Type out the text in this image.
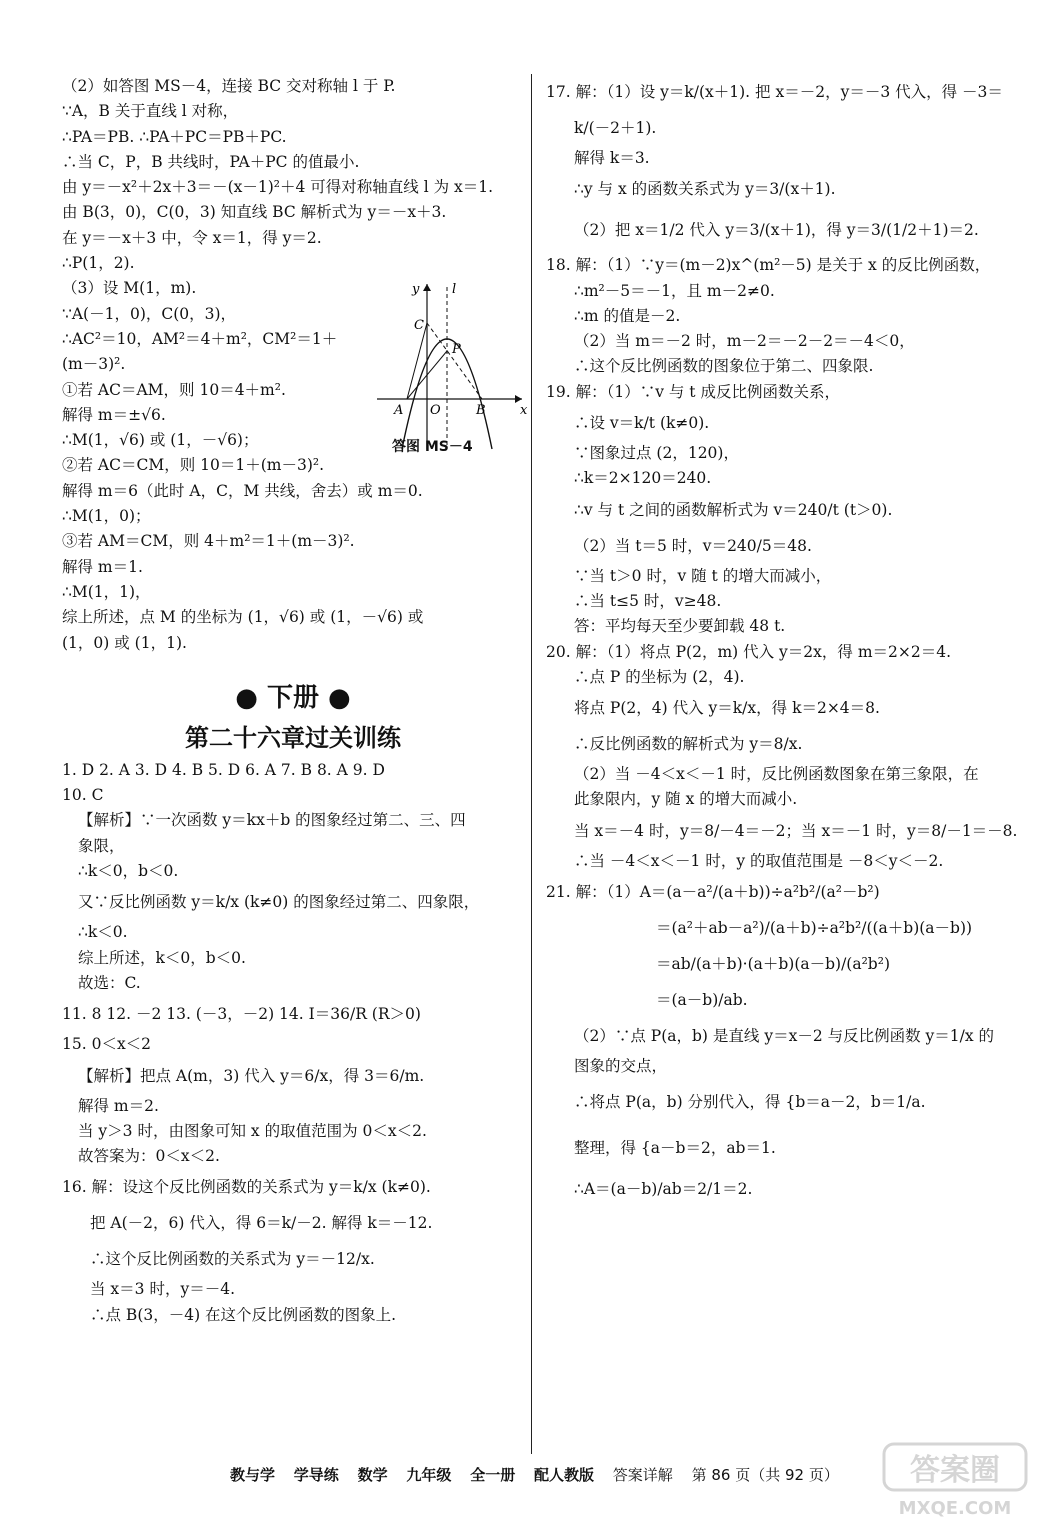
（2）如答图 MS－4，连接 BC 交对称轴 l 于 P.
∵A，B 关于直线 l 对称，
∴PA＝PB. ∴PA＋PC＝PB＋PC.
∴当 C，P，B 共线时，PA＋PC 的值最小.
由 y＝－x²＋2x＋3＝－(x－1)²＋4 可得对称轴直线 l 为 x＝1.
由 B(3，0)，C(0，3) 知直线 BC 解析式为 y＝－x＋3.
在 y＝－x＋3 中，令 x＝1，得 y＝2.
∴P(1，2).
（3）设 M(1，m).
∵A(－1，0)，C(0，3)，
∴AC²＝10，AM²＝4＋m²，CM²＝1＋
(m－3)².
①若 AC＝AM，则 10＝4＋m².
解得 m＝±√6.
∴M(1，√6) 或 (1，－√6)；
②若 AC＝CM，则 10＝1＋(m－3)².
解得 m＝6（此时 A，C，M 共线，舍去）或 m＝0.
∴M(1，0)；
③若 AM＝CM，则 4＋m²＝1＋(m－3)².
解得 m＝1.
∴M(1，1)，
综上所述，点 M 的坐标为 (1，√6) 或 (1，－√6) 或
(1，0) 或 (1，1).
● 下册 ●
第二十六章过关训练
1. D 2. A 3. D 4. B 5. D 6. A 7. B 8. A 9. D
10. C
【解析】∵一次函数 y＝kx＋b 的图象经过第二、三、四
象限，
∴k＜0，b＜0.
又∵反比例函数 y＝k/x (k≠0) 的图象经过第二、四象限，
∴k＜0.
综上所述，k＜0，b＜0.
故选：C.
11. 8 12. －2 13. (－3，－2) 14. I＝36/R (R＞0)
15. 0＜x＜2
【解析】把点 A(m，3) 代入 y＝6/x，得 3＝6/m.
解得 m＝2.
当 y＞3 时，由图象可知 x 的取值范围为 0＜x＜2.
故答案为：0＜x＜2.
16. 解：设这个反比例函数的关系式为 y＝k/x (k≠0).
把 A(－2，6) 代入，得 6＝k/－2. 解得 k＝－12.
∴这个反比例函数的关系式为 y＝－12/x.
当 x＝3 时，y＝－4.
∴点 B(3，－4) 在这个反比例函数的图象上.
y	l
C
P
A O	B	x
答图 MS－4
17. 解：（1）设 y＝k/(x＋1). 把 x＝－2，y＝－3 代入，得 －3＝
k/(－2＋1).
解得 k＝3.
∴y 与 x 的函数关系式为 y＝3/(x＋1).
（2）把 x＝1/2 代入 y＝3/(x＋1)，得 y＝3/(1/2＋1)＝2.
18. 解：（1）∵y＝(m－2)x^(m²－5) 是关于 x 的反比例函数，
∴m²－5＝－1，且 m－2≠0.
∴m 的值是－2.
（2）当 m＝－2 时，m－2＝－2－2＝－4＜0，
∴这个反比例函数的图象位于第二、四象限.
19. 解：（1）∵v 与 t 成反比例函数关系，
∴设 v＝k/t (k≠0).
∵图象过点 (2，120)，
∴k＝2×120＝240.
∴v 与 t 之间的函数解析式为 v＝240/t (t＞0).
（2）当 t＝5 时，v＝240/5＝48.
∵当 t＞0 时，v 随 t 的增大而减小，
∴当 t≤5 时，v≥48.
答：平均每天至少要卸载 48 t.
20. 解：（1）将点 P(2，m) 代入 y＝2x，得 m＝2×2＝4.
∴点 P 的坐标为 (2，4).
将点 P(2，4) 代入 y＝k/x，得 k＝2×4＝8.
∴反比例函数的解析式为 y＝8/x.
（2）当 －4＜x＜－1 时，反比例函数图象在第三象限，在
此象限内，y 随 x 的增大而减小.
当 x＝－4 时，y＝8/－4＝－2；当 x＝－1 时，y＝8/－1＝－8.
∴当 －4＜x＜－1 时，y 的取值范围是 －8＜y＜－2.
21. 解：（1）A＝(a－a²/(a＋b))÷a²b²/(a²－b²)
＝(a²＋ab－a²)/(a＋b)÷a²b²/((a＋b)(a－b))
＝ab/(a＋b)·(a＋b)(a－b)/(a²b²)
＝(a－b)/ab.
（2）∵点 P(a，b) 是直线 y＝x－2 与反比例函数 y＝1/x 的
图象的交点，
∴将点 P(a，b) 分别代入，得 {b＝a－2，b＝1/a.
整理，得 {a－b＝2，ab＝1.
∴A＝(a－b)/ab＝2/1＝2.
教与学 学导练 数学 九年级 全一册 配人教版 答案详解 第 86 页（共 92 页）	答案圈
MXQE.COM
